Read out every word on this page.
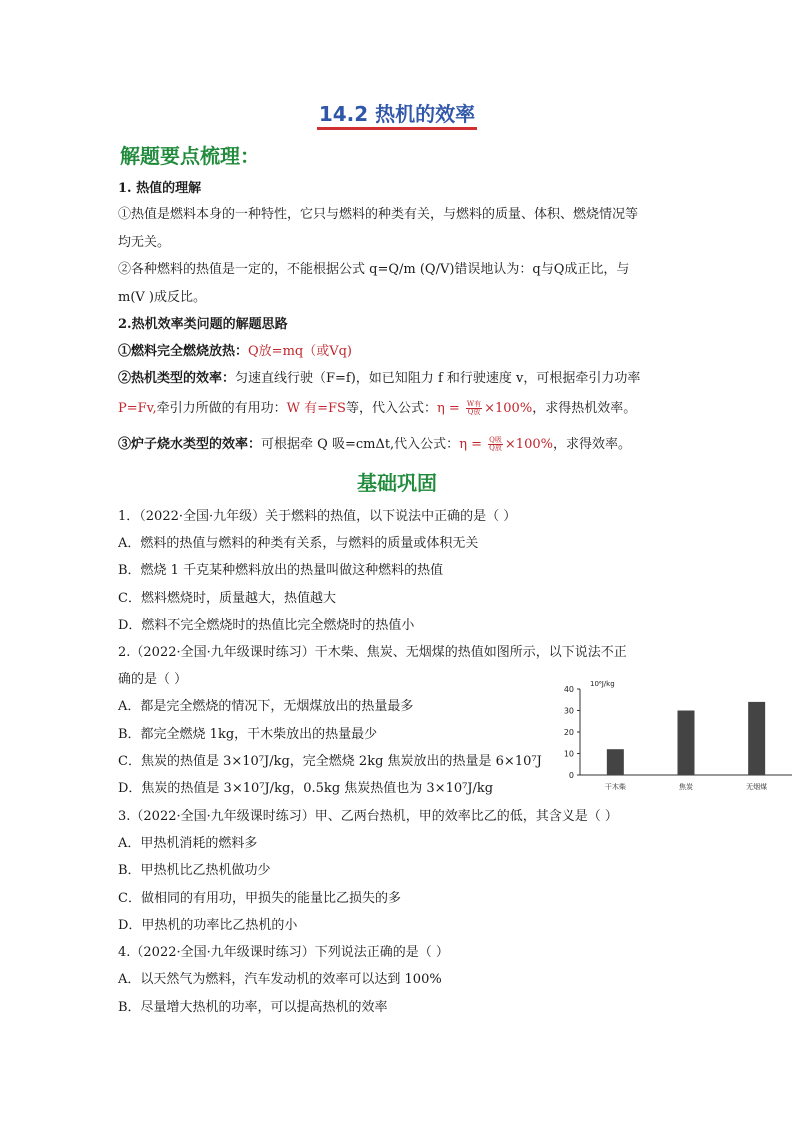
14.2 热机的效率
解题要点梳理：
1. 热值的理解
①热值是燃料本身的一种特性，它只与燃料的种类有关，与燃料的质量、体积、燃烧情况等
均无关。
②各种燃料的热值是一定的，不能根据公式 q=Q/m (Q/V)错误地认为：q与Q成正比，与
m(V )成反比。
2.热机效率类问题的解题思路
①燃料完全燃烧放热：Q放=mq（或Vq)
②热机类型的效率：匀速直线行驶（F=f)，如已知阻力 f 和行驶速度 v，可根据牵引力功率
P=Fv,牵引力所做的有用功：W 有=FS等，代入公式：$\eta = \frac{\text{W有}}{\text{Q放}} \times 100\%$，求得热机效率。
③炉子烧水类型的效率：可根据牵 Q 吸=cmΔt,代入公式：$\eta = \frac{\text{Q吸}}{\text{Q放}} \times 100\%$，求得效率。
基础巩固
1．（2022·全国·九年级）关于燃料的热值，以下说法中正确的是（ ）
A．燃料的热值与燃料的种类有关系，与燃料的质量或体积无关
B．燃烧 1 千克某种燃料放出的热量叫做这种燃料的热值
C．燃料燃烧时，质量越大，热值越大
D．燃料不完全燃烧时的热值比完全燃烧时的热值小
2.（2022·全国·九年级课时练习）干木柴、焦炭、无烟煤的热值如图所示，以下说法不正
确的是（ ）
A．都是完全燃烧的情况下，无烟煤放出的热量最多
B．都完全燃烧 1kg，干木柴放出的热量最少
C．焦炭的热值是 3×10⁷J/kg，完全燃烧 2kg 焦炭放出的热量是 6×10⁷J
D．焦炭的热值是 3×10⁷J/kg，0.5kg 焦炭热值也为 3×10⁷J/kg
0
10
20
30
40
10⁶J/kg
干木柴	焦炭	无烟煤
3.（2022·全国·九年级课时练习）甲、乙两台热机，甲的效率比乙的低，其含义是（ ）
A．甲热机消耗的燃料多
B．甲热机比乙热机做功少
C．做相同的有用功，甲损失的能量比乙损失的多
D．甲热机的功率比乙热机的小
4.（2022·全国·九年级课时练习）下列说法正确的是（ ）
A．以天然气为燃料，汽车发动机的效率可以达到 100%
B．尽量增大热机的功率，可以提高热机的效率
